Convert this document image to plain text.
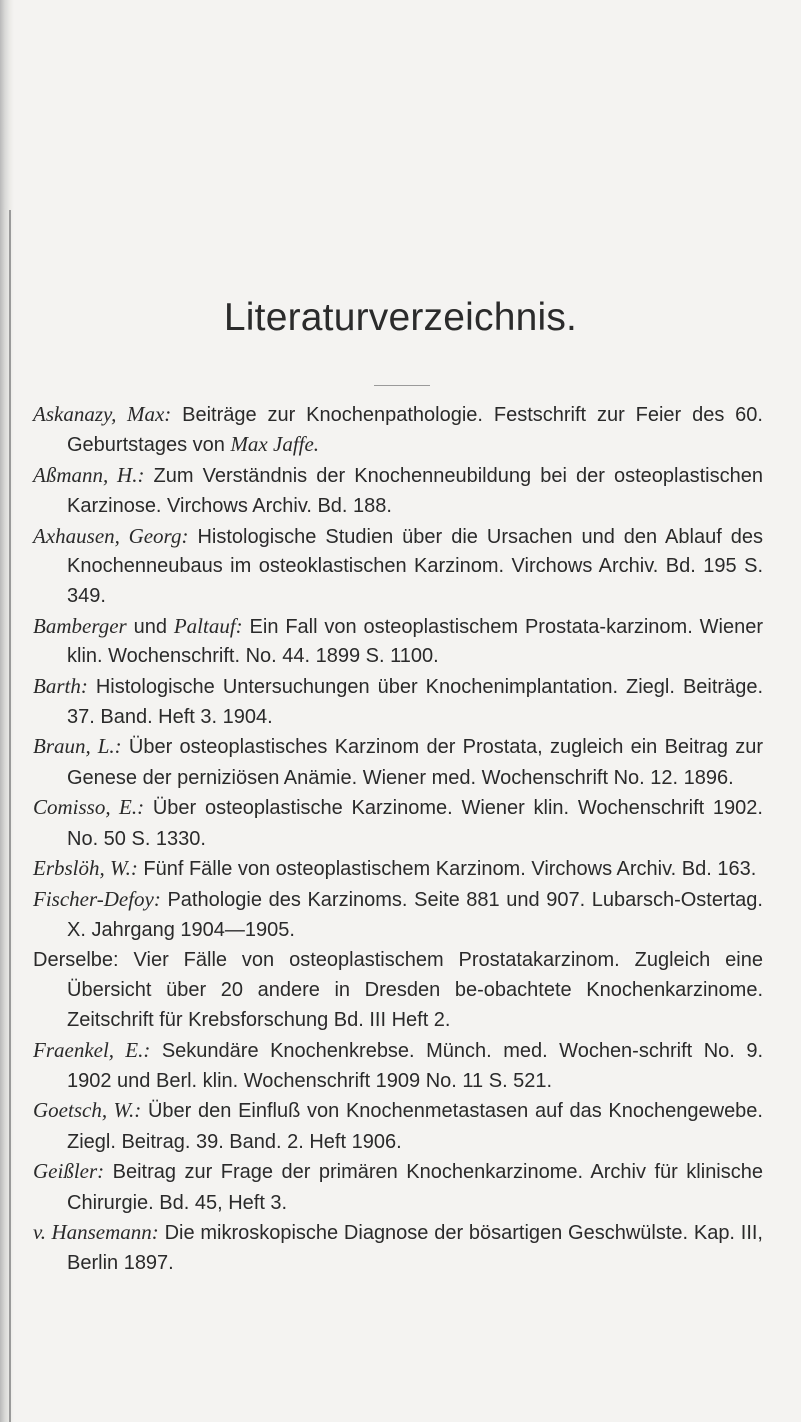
Literaturverzeichnis.
Askanazy, Max: Beiträge zur Knochenpathologie. Festschrift zur Feier des 60. Geburtstages von Max Jaffe.
Aßmann, H.: Zum Verständnis der Knochenneubildung bei der osteoplastischen Karzinose. Virchows Archiv. Bd. 188.
Axhausen, Georg: Histologische Studien über die Ursachen und den Ablauf des Knochenneubaus im osteoklastischen Karzinom. Virchows Archiv. Bd. 195 S. 349.
Bamberger und Paltauf: Ein Fall von osteoplastischem Prostata-karzinom. Wiener klin. Wochenschrift. No. 44. 1899 S. 1100.
Barth: Histologische Untersuchungen über Knochenimplantation. Ziegl. Beiträge. 37. Band. Heft 3. 1904.
Braun, L.: Über osteoplastisches Karzinom der Prostata, zugleich ein Beitrag zur Genese der perniziösen Anämie. Wiener med. Wochenschrift No. 12. 1896.
Comisso, E.: Über osteoplastische Karzinome. Wiener klin. Wochenschrift 1902. No. 50 S. 1330.
Erbslöh, W.: Fünf Fälle von osteoplastischem Karzinom. Virchows Archiv. Bd. 163.
Fischer-Defoy: Pathologie des Karzinoms. Seite 881 und 907. Lubarsch-Ostertag. X. Jahrgang 1904—1905.
Derselbe: Vier Fälle von osteoplastischem Prostatakarzinom. Zugleich eine Übersicht über 20 andere in Dresden be-obachtete Knochenkarzinome. Zeitschrift für Krebsforschung Bd. III Heft 2.
Fraenkel, E.: Sekundäre Knochenkrebse. Münch. med. Wochen-schrift No. 9. 1902 und Berl. klin. Wochenschrift 1909 No. 11 S. 521.
Goetsch, W.: Über den Einfluß von Knochenmetastasen auf das Knochengewebe. Ziegl. Beitrag. 39. Band. 2. Heft 1906.
Geißler: Beitrag zur Frage der primären Knochenkarzinome. Archiv für klinische Chirurgie. Bd. 45, Heft 3.
v. Hansemann: Die mikroskopische Diagnose der bösartigen Geschwülste. Kap. III, Berlin 1897.
